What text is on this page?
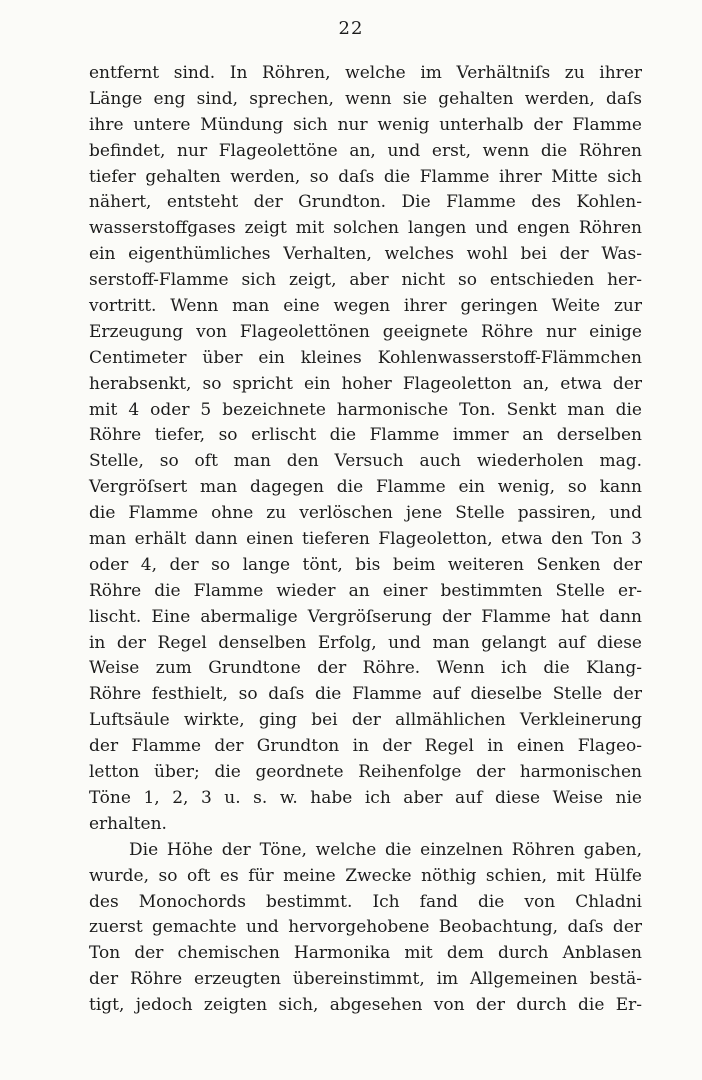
22
entfernt sind. In Röhren, welche im Verhältniſs zu ihrer
Länge eng sind, sprechen, wenn sie gehalten werden, daſs
ihre untere Mündung sich nur wenig unterhalb der Flamme
befindet, nur Flageolettöne an, und erst, wenn die Röhren
tiefer gehalten werden, so daſs die Flamme ihrer Mitte sich
nähert, entsteht der Grundton. Die Flamme des Kohlen-
wasserstoffgases zeigt mit solchen langen und engen Röhren
ein eigenthümliches Verhalten, welches wohl bei der Was-
serstoff-Flamme sich zeigt, aber nicht so entschieden her-
vortritt. Wenn man eine wegen ihrer geringen Weite zur
Erzeugung von Flageolettönen geeignete Röhre nur einige
Centimeter über ein kleines Kohlenwasserstoff-Flämmchen
herabsenkt, so spricht ein hoher Flageoletton an, etwa der
mit 4 oder 5 bezeichnete harmonische Ton. Senkt man die
Röhre tiefer, so erlischt die Flamme immer an derselben
Stelle, so oft man den Versuch auch wiederholen mag.
Vergröſsert man dagegen die Flamme ein wenig, so kann
die Flamme ohne zu verlöschen jene Stelle passiren, und
man erhält dann einen tieferen Flageoletton, etwa den Ton 3
oder 4, der so lange tönt, bis beim weiteren Senken der
Röhre die Flamme wieder an einer bestimmten Stelle er-
lischt. Eine abermalige Vergröſserung der Flamme hat dann
in der Regel denselben Erfolg, und man gelangt auf diese
Weise zum Grundtone der Röhre. Wenn ich die Klang-
Röhre festhielt, so daſs die Flamme auf dieselbe Stelle der
Luftsäule wirkte, ging bei der allmählichen Verkleinerung
der Flamme der Grundton in der Regel in einen Flageo-
letton über; die geordnete Reihenfolge der harmonischen
Töne 1, 2, 3 u. s. w. habe ich aber auf diese Weise nie
erhalten.
Die Höhe der Töne, welche die einzelnen Röhren gaben,
wurde, so oft es für meine Zwecke nöthig schien, mit Hülfe
des Monochords bestimmt. Ich fand die von Chladni
zuerst gemachte und hervorgehobene Beobachtung, daſs der
Ton der chemischen Harmonika mit dem durch Anblasen
der Röhre erzeugten übereinstimmt, im Allgemeinen bestä-
tigt, jedoch zeigten sich, abgesehen von der durch die Er-
